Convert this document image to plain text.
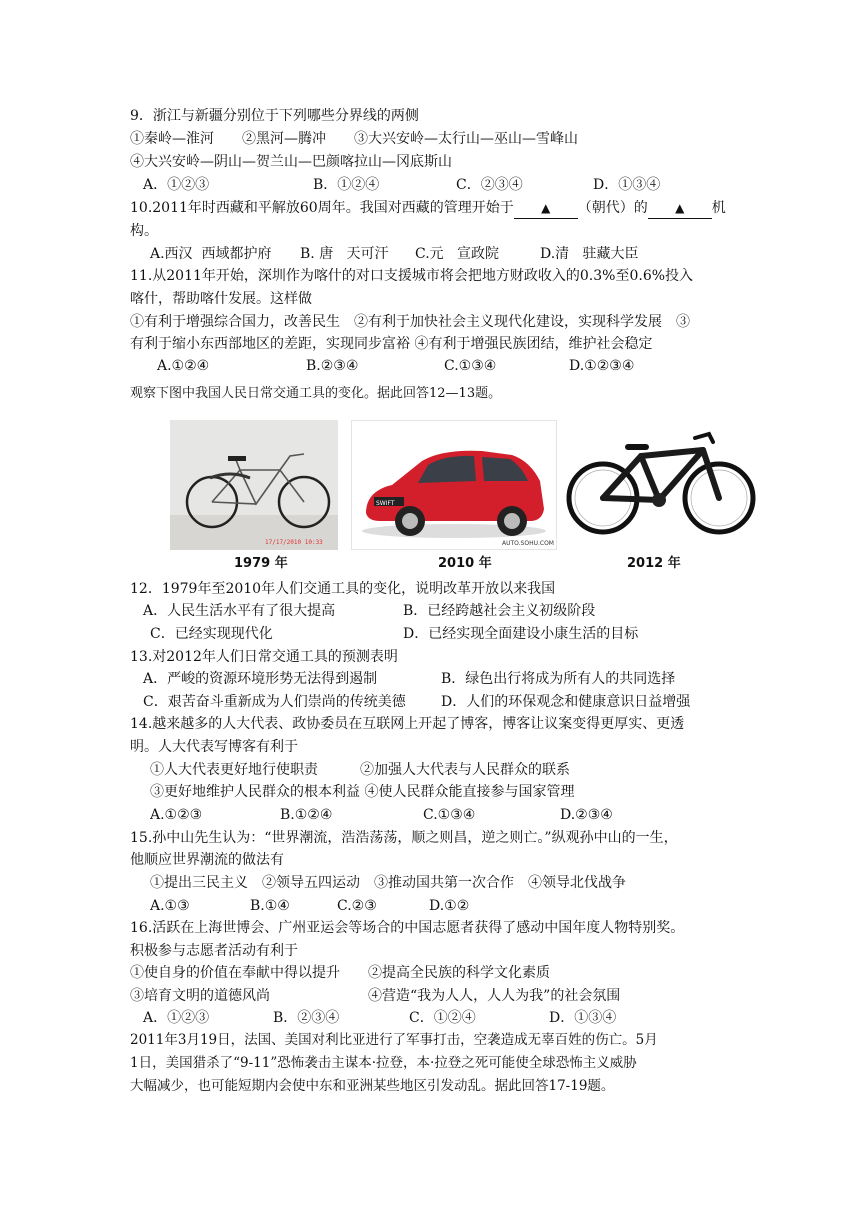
9．浙江与新疆分别位于下列哪些分界线的两侧
①秦岭—淮河　　②黑河—腾冲　　③大兴安岭—太行山—巫山—雪峰山
④大兴安岭—阴山—贺兰山—巴颜喀拉山—冈底斯山
A．①②③	B．①②④	C．②③④	D．①③④
10.2011年时西藏和平解放60周年。我国对西藏的管理开始于 ▲ （朝代）的 ▲ 机
构。
A.西汉  西域都护府	B. 唐   天可汗	C.元   宣政院	D.清   驻藏大臣
11.从2011年开始，深圳作为喀什的对口支援城市将会把地方财政收入的0.3%至0.6%投入
喀什，帮助喀什发展。这样做
①有利于增强综合国力，改善民生　②有利于加快社会主义现代化建设，实现科学发展　③
有利于缩小东西部地区的差距，实现同步富裕 ④有利于增强民族团结，维护社会稳定
A.①②④	B.②③④	C.①③④	D.①②③④
观察下图中我国人民日常交通工具的变化。据此回答12—13题。
17/17/2010 10:33
SWIFT
AUTO.SOHU.COM
1979 年	2010 年	2012 年
12．1979年至2010年人们交通工具的变化，说明改革开放以来我国
A．人民生活水平有了很大提高	B．已经跨越社会主义初级阶段
C．已经实现现代化	D．已经实现全面建设小康生活的目标
13.对2012年人们日常交通工具的预测表明
A．严峻的资源环境形势无法得到遏制	B．绿色出行将成为所有人的共同选择
C．艰苦奋斗重新成为人们崇尚的传统美德	D．人们的环保观念和健康意识日益增强
14.越来越多的人大代表、政协委员在互联网上开起了博客，博客让议案变得更厚实、更透
明。人大代表写博客有利于
①人大代表更好地行使职责　　　②加强人大代表与人民群众的联系
③更好地维护人民群众的根本利益 ④使人民群众能直接参与国家管理
A.①②③	B.①②④	C.①③④	D.②③④
15.孙中山先生认为：“世界潮流，浩浩荡荡，顺之则昌，逆之则亡。”纵观孙中山的一生，
他顺应世界潮流的做法有
①提出三民主义　②领导五四运动　③推动国共第一次合作　④领导北伐战争
A.①③	B.①④	C.②③	D.①②
16.活跃在上海世博会、广州亚运会等场合的中国志愿者获得了感动中国年度人物特别奖。
积极参与志愿者活动有利于
①使自身的价值在奉献中得以提升　　②提高全民族的科学文化素质
③培育文明的道德风尚　　　　　　　④营造“我为人人，人人为我”的社会氛围
A．①②③	B．②③④	C．①②④	D．①③④
2011年3月19日，法国、美国对利比亚进行了军事打击，空袭造成无辜百姓的伤亡。5月
1日，美国猎杀了“9-11”恐怖袭击主谋本·拉登，本·拉登之死可能使全球恐怖主义威胁
大幅减少，也可能短期内会使中东和亚洲某些地区引发动乱。据此回答17-19题。
